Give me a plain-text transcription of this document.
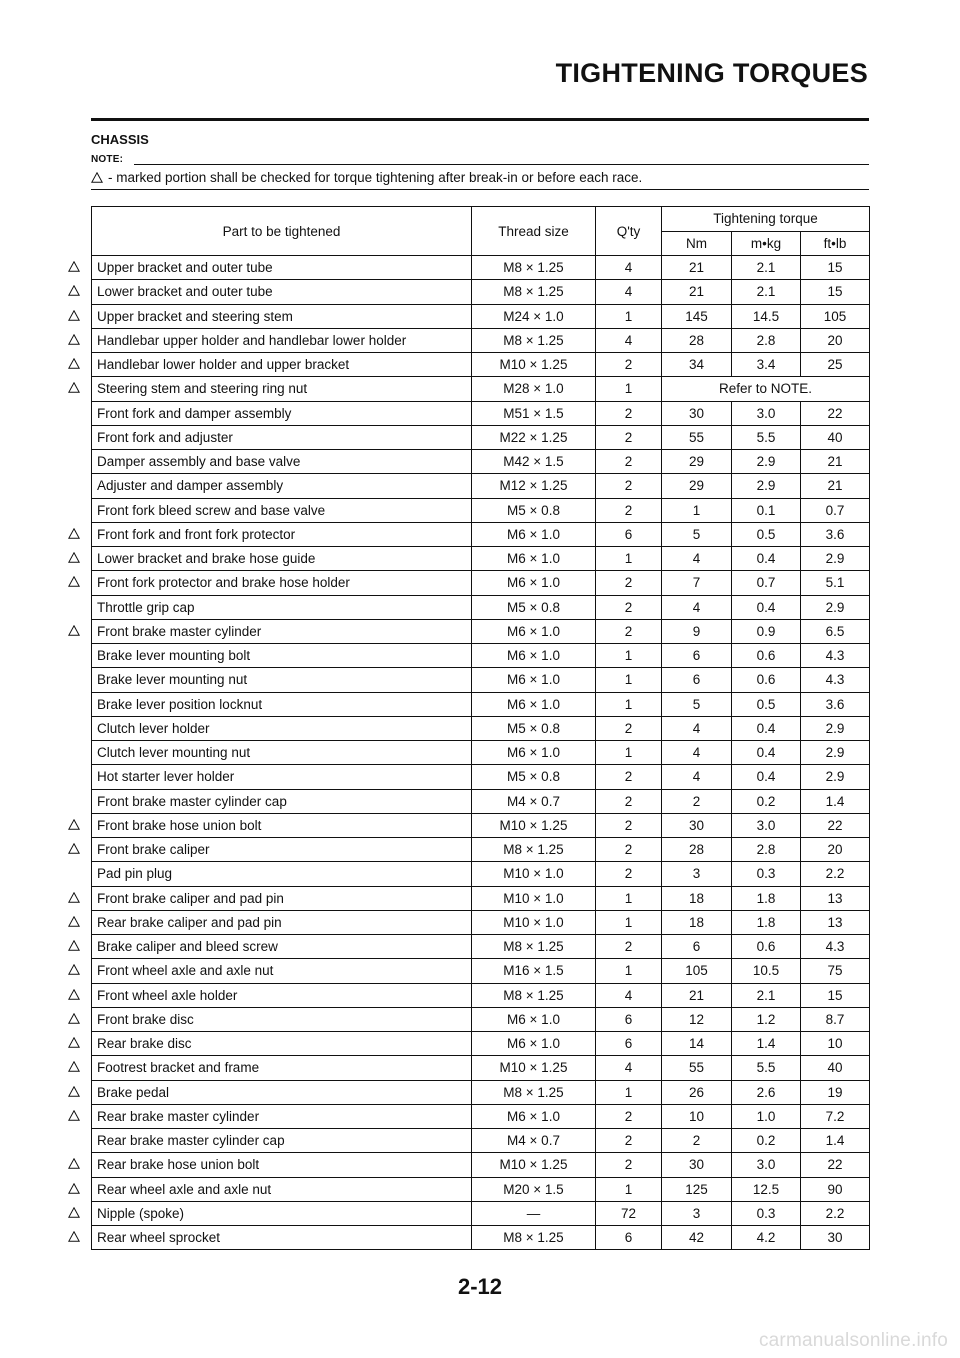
TIGHTENING TORQUES
CHASSIS
NOTE:
- marked portion shall be checked for torque tightening after break-in or before each race.
Part to be tightened	Thread size	Q'ty	Tightening torque		
			Nm	m•kg	ft•lb

Upper bracket and outer tube	M8 × 1.25	4	21	2.1	15

Lower bracket and outer tube	M8 × 1.25	4	21	2.1	15

Upper bracket and steering stem	M24 × 1.0	1	145	14.5	105

Handlebar upper holder and handlebar lower holder	M8 × 1.25	4	28	2.8	20

Handlebar lower holder and upper bracket	M10 × 1.25	2	34	3.4	25

Steering stem and steering ring nut	M28 × 1.0	1	Refer to NOTE.		
Front fork and damper assembly	M51 × 1.5	2	30	3.0	22
Front fork and adjuster	M22 × 1.25	2	55	5.5	40
Damper assembly and base valve	M42 × 1.5	2	29	2.9	21
Adjuster and damper assembly	M12 × 1.25	2	29	2.9	21
Front fork bleed screw and base valve	M5 × 0.8	2	1	0.1	0.7

Front fork and front fork protector	M6 × 1.0	6	5	0.5	3.6

Lower bracket and brake hose guide	M6 × 1.0	1	4	0.4	2.9

Front fork protector and brake hose holder	M6 × 1.0	2	7	0.7	5.1
Throttle grip cap	M5 × 0.8	2	4	0.4	2.9

Front brake master cylinder	M6 × 1.0	2	9	0.9	6.5
Brake lever mounting bolt	M6 × 1.0	1	6	0.6	4.3
Brake lever mounting nut	M6 × 1.0	1	6	0.6	4.3
Brake lever position locknut	M6 × 1.0	1	5	0.5	3.6
Clutch lever holder	M5 × 0.8	2	4	0.4	2.9
Clutch lever mounting nut	M6 × 1.0	1	4	0.4	2.9
Hot starter lever holder	M5 × 0.8	2	4	0.4	2.9
Front brake master cylinder cap	M4 × 0.7	2	2	0.2	1.4

Front brake hose union bolt	M10 × 1.25	2	30	3.0	22

Front brake caliper	M8 × 1.25	2	28	2.8	20
Pad pin plug	M10 × 1.0	2	3	0.3	2.2

Front brake caliper and pad pin	M10 × 1.0	1	18	1.8	13

Rear brake caliper and pad pin	M10 × 1.0	1	18	1.8	13

Brake caliper and bleed screw	M8 × 1.25	2	6	0.6	4.3

Front wheel axle and axle nut	M16 × 1.5	1	105	10.5	75

Front wheel axle holder	M8 × 1.25	4	21	2.1	15

Front brake disc	M6 × 1.0	6	12	1.2	8.7

Rear brake disc	M6 × 1.0	6	14	1.4	10

Footrest bracket and frame	M10 × 1.25	4	55	5.5	40

Brake pedal	M8 × 1.25	1	26	2.6	19

Rear brake master cylinder	M6 × 1.0	2	10	1.0	7.2
Rear brake master cylinder cap	M4 × 0.7	2	2	0.2	1.4

Rear brake hose union bolt	M10 × 1.25	2	30	3.0	22

Rear wheel axle and axle nut	M20 × 1.5	1	125	12.5	90

Nipple (spoke)	—	72	3	0.3	2.2

Rear wheel sprocket	M8 × 1.25	6	42	4.2	30
2-12
carmanualsonline.info
